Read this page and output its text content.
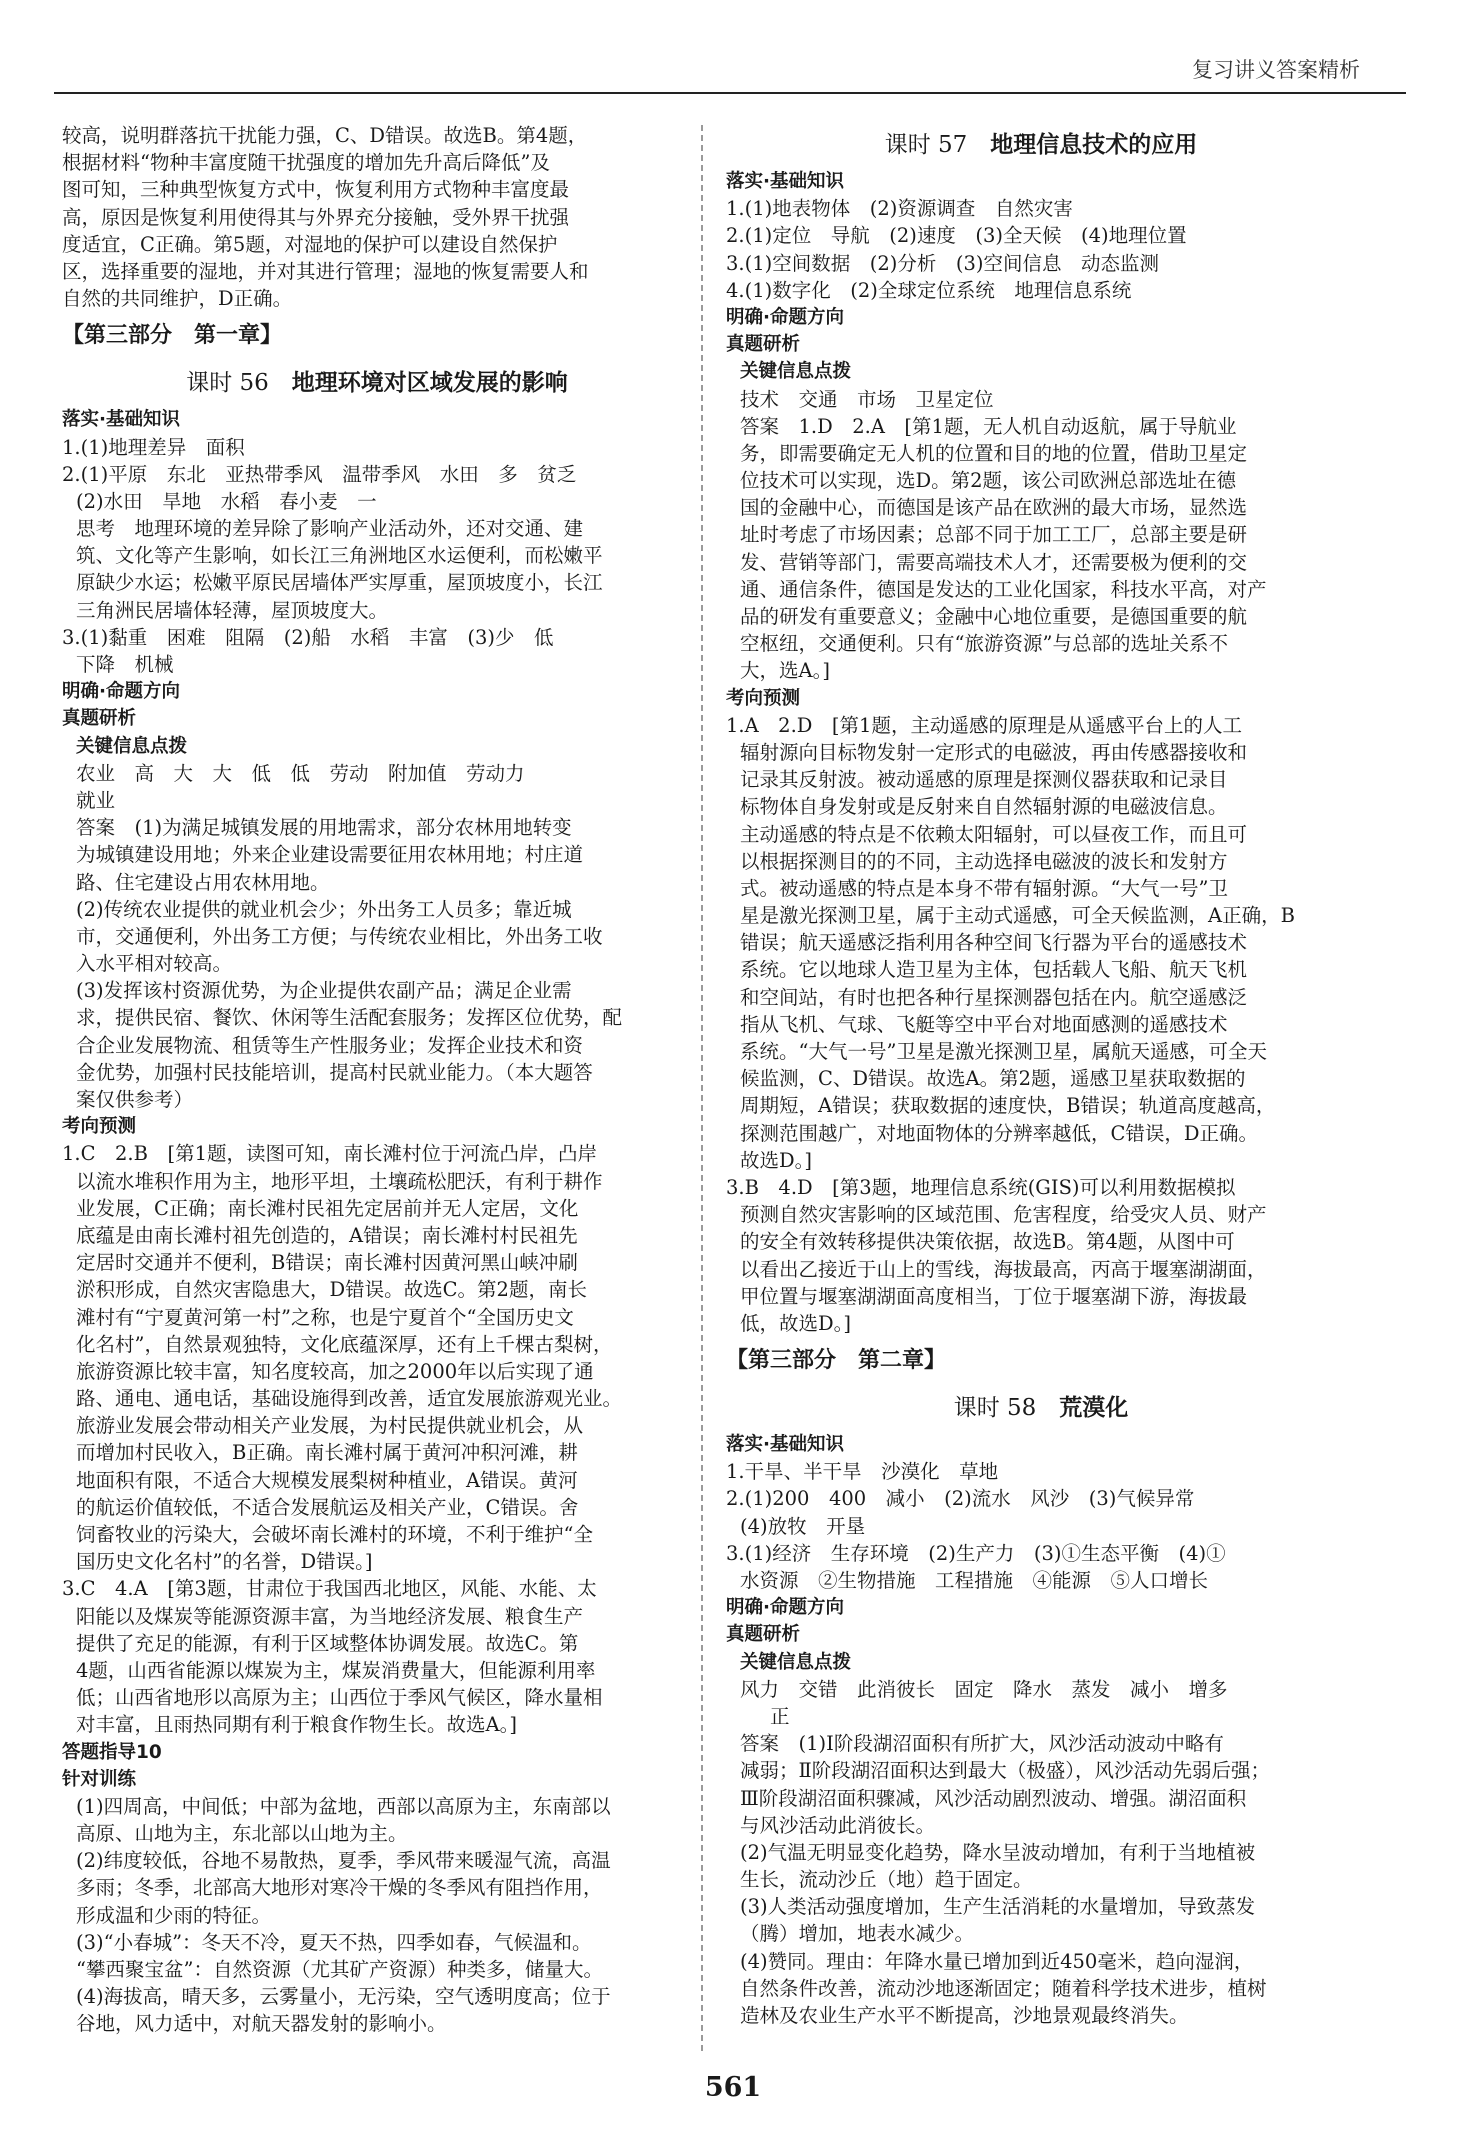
复习讲义答案精析
较高，说明群落抗干扰能力强，C、D错误。故选B。第4题，
根据材料“物种丰富度随干扰强度的增加先升高后降低”及
图可知，三种典型恢复方式中，恢复利用方式物种丰富度最
高，原因是恢复利用使得其与外界充分接触，受外界干扰强
度适宜，C正确。第5题，对湿地的保护可以建设自然保护
区，选择重要的湿地，并对其进行管理；湿地的恢复需要人和
自然的共同维护，D正确。
【第三部分　第一章】
课时 56　 地理环境对区域发展的影响
落实·基础知识
1.(1)地理差异　面积
2.(1)平原　东北　亚热带季风　温带季风　水田　多　贫乏
(2)水田　旱地　水稻　春小麦　一
思考　地理环境的差异除了影响产业活动外，还对交通、建
筑、文化等产生影响，如长江三角洲地区水运便利，而松嫩平
原缺少水运；松嫩平原民居墙体严实厚重，屋顶坡度小，长江
三角洲民居墙体轻薄，屋顶坡度大。
3.(1)黏重　困难　阻隔　(2)船　水稻　丰富　(3)少　低
下降　机械
明确·命题方向
真题研析
关键信息点拨
农业　高　大　大　低　低　劳动　附加值　劳动力
就业
答案　(1)为满足城镇发展的用地需求，部分农林用地转变
为城镇建设用地；外来企业建设需要征用农林用地；村庄道
路、住宅建设占用农林用地。
(2)传统农业提供的就业机会少；外出务工人员多；靠近城
市，交通便利，外出务工方便；与传统农业相比，外出务工收
入水平相对较高。
(3)发挥该村资源优势，为企业提供农副产品；满足企业需
求，提供民宿、餐饮、休闲等生活配套服务；发挥区位优势，配
合企业发展物流、租赁等生产性服务业；发挥企业技术和资
金优势，加强村民技能培训，提高村民就业能力。（本大题答
案仅供参考）
考向预测
1.C　2.B　[第1题，读图可知，南长滩村位于河流凸岸，凸岸
以流水堆积作用为主，地形平坦，土壤疏松肥沃，有利于耕作
业发展，C正确；南长滩村民祖先定居前并无人定居，文化
底蕴是由南长滩村祖先创造的，A错误；南长滩村村民祖先
定居时交通并不便利，B错误；南长滩村因黄河黑山峡冲刷
淤积形成，自然灾害隐患大，D错误。故选C。第2题，南长
滩村有“宁夏黄河第一村”之称，也是宁夏首个“全国历史文
化名村”，自然景观独特，文化底蕴深厚，还有上千棵古梨树，
旅游资源比较丰富，知名度较高，加之2000年以后实现了通
路、通电、通电话，基础设施得到改善，适宜发展旅游观光业。
旅游业发展会带动相关产业发展，为村民提供就业机会，从
而增加村民收入，B正确。南长滩村属于黄河冲积河滩，耕
地面积有限，不适合大规模发展梨树种植业，A错误。黄河
的航运价值较低，不适合发展航运及相关产业，C错误。舍
饲畜牧业的污染大，会破坏南长滩村的环境，不利于维护“全
国历史文化名村”的名誉，D错误。]
3.C　4.A　[第3题，甘肃位于我国西北地区，风能、水能、太
阳能以及煤炭等能源资源丰富，为当地经济发展、粮食生产
提供了充足的能源，有利于区域整体协调发展。故选C。第
4题，山西省能源以煤炭为主，煤炭消费量大，但能源利用率
低；山西省地形以高原为主；山西位于季风气候区，降水量相
对丰富，且雨热同期有利于粮食作物生长。故选A。]
答题指导10
针对训练
(1)四周高，中间低；中部为盆地，西部以高原为主，东南部以
高原、山地为主，东北部以山地为主。
(2)纬度较低，谷地不易散热，夏季，季风带来暖湿气流，高温
多雨；冬季，北部高大地形对寒冷干燥的冬季风有阻挡作用，
形成温和少雨的特征。
(3)“小春城”：冬天不冷，夏天不热，四季如春，气候温和。
“攀西聚宝盆”：自然资源（尤其矿产资源）种类多，储量大。
(4)海拔高，晴天多，云雾量小，无污染，空气透明度高；位于
谷地，风力适中，对航天器发射的影响小。
课时 57　 地理信息技术的应用
落实·基础知识
1.(1)地表物体　(2)资源调查　自然灾害
2.(1)定位　导航　(2)速度　(3)全天候　(4)地理位置
3.(1)空间数据　(2)分析　(3)空间信息　动态监测
4.(1)数字化　(2)全球定位系统　地理信息系统
明确·命题方向
真题研析
关键信息点拨
技术　交通　市场　卫星定位
答案　1.D　2.A　[第1题，无人机自动返航，属于导航业
务，即需要确定无人机的位置和目的地的位置，借助卫星定
位技术可以实现，选D。第2题，该公司欧洲总部选址在德
国的金融中心，而德国是该产品在欧洲的最大市场，显然选
址时考虑了市场因素；总部不同于加工工厂，总部主要是研
发、营销等部门，需要高端技术人才，还需要极为便利的交
通、通信条件，德国是发达的工业化国家，科技水平高，对产
品的研发有重要意义；金融中心地位重要，是德国重要的航
空枢纽，交通便利。只有“旅游资源”与总部的选址关系不
大，选A。]
考向预测
1.A　2.D　[第1题，主动遥感的原理是从遥感平台上的人工
辐射源向目标物发射一定形式的电磁波，再由传感器接收和
记录其反射波。被动遥感的原理是探测仪器获取和记录目
标物体自身发射或是反射来自自然辐射源的电磁波信息。
主动遥感的特点是不依赖太阳辐射，可以昼夜工作，而且可
以根据探测目的的不同，主动选择电磁波的波长和发射方
式。被动遥感的特点是本身不带有辐射源。“大气一号”卫
星是激光探测卫星，属于主动式遥感，可全天候监测，A正确，B
错误；航天遥感泛指利用各种空间飞行器为平台的遥感技术
系统。它以地球人造卫星为主体，包括载人飞船、航天飞机
和空间站，有时也把各种行星探测器包括在内。航空遥感泛
指从飞机、气球、飞艇等空中平台对地面感测的遥感技术
系统。“大气一号”卫星是激光探测卫星，属航天遥感，可全天
候监测，C、D错误。故选A。第2题，遥感卫星获取数据的
周期短，A错误；获取数据的速度快，B错误；轨道高度越高，
探测范围越广，对地面物体的分辨率越低，C错误，D正确。
故选D。]
3.B　4.D　[第3题，地理信息系统(GIS)可以利用数据模拟
预测自然灾害影响的区域范围、危害程度，给受灾人员、财产
的安全有效转移提供决策依据，故选B。第4题，从图中可
以看出乙接近于山上的雪线，海拔最高，丙高于堰塞湖湖面，
甲位置与堰塞湖湖面高度相当，丁位于堰塞湖下游，海拔最
低，故选D。]
【第三部分　第二章】
课时 58　 荒漠化
落实·基础知识
1.干旱、半干旱　沙漠化　草地
2.(1)200　400　减小　(2)流水　风沙　(3)气候异常
(4)放牧　开垦
3.(1)经济　生存环境　(2)生产力　(3)①生态平衡　(4)①
水资源　②生物措施　工程措施　④能源　⑤人口增长
明确·命题方向
真题研析
关键信息点拨
风力　交错　此消彼长　固定　降水　蒸发　减小　增多
正
答案　(1)Ⅰ阶段湖沼面积有所扩大，风沙活动波动中略有
减弱；Ⅱ阶段湖沼面积达到最大（极盛），风沙活动先弱后强；
Ⅲ阶段湖沼面积骤减，风沙活动剧烈波动、增强。湖沼面积
与风沙活动此消彼长。
(2)气温无明显变化趋势，降水呈波动增加，有利于当地植被
生长，流动沙丘（地）趋于固定。
(3)人类活动强度增加，生产生活消耗的水量增加，导致蒸发
（腾）增加，地表水减少。
(4)赞同。理由：年降水量已增加到近450毫米，趋向湿润，
自然条件改善，流动沙地逐渐固定；随着科学技术进步，植树
造林及农业生产水平不断提高，沙地景观最终消失。
561
